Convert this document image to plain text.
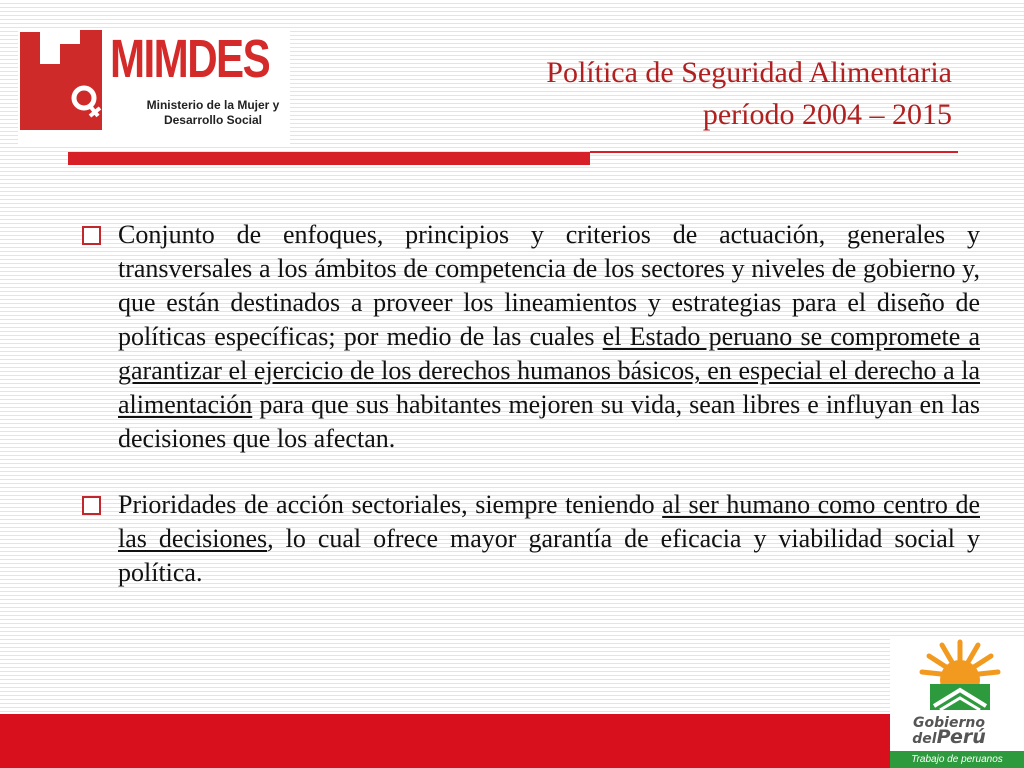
MIMDES
Ministerio de la Mujer y
Desarrollo Social
Política de Seguridad Alimentaria
período 2004 – 2015
Conjunto de enfoques, principios y criterios de actuación, generales y transversales a los ámbitos de competencia de los sectores y niveles de gobierno y, que están destinados a proveer los lineamientos y estrategias para el diseño de políticas específicas; por medio de las cuales el Estado peruano se compromete a garantizar el ejercicio de los derechos humanos básicos, en especial el derecho a la alimentación para que sus habitantes mejoren su vida, sean libres e influyan en las decisiones que los afectan.
Prioridades de acción sectoriales, siempre teniendo al ser humano como centro de las decisiones, lo cual ofrece mayor garantía de eficacia y viabilidad social y política.
Gobierno
delPerú
Trabajo de peruanos
